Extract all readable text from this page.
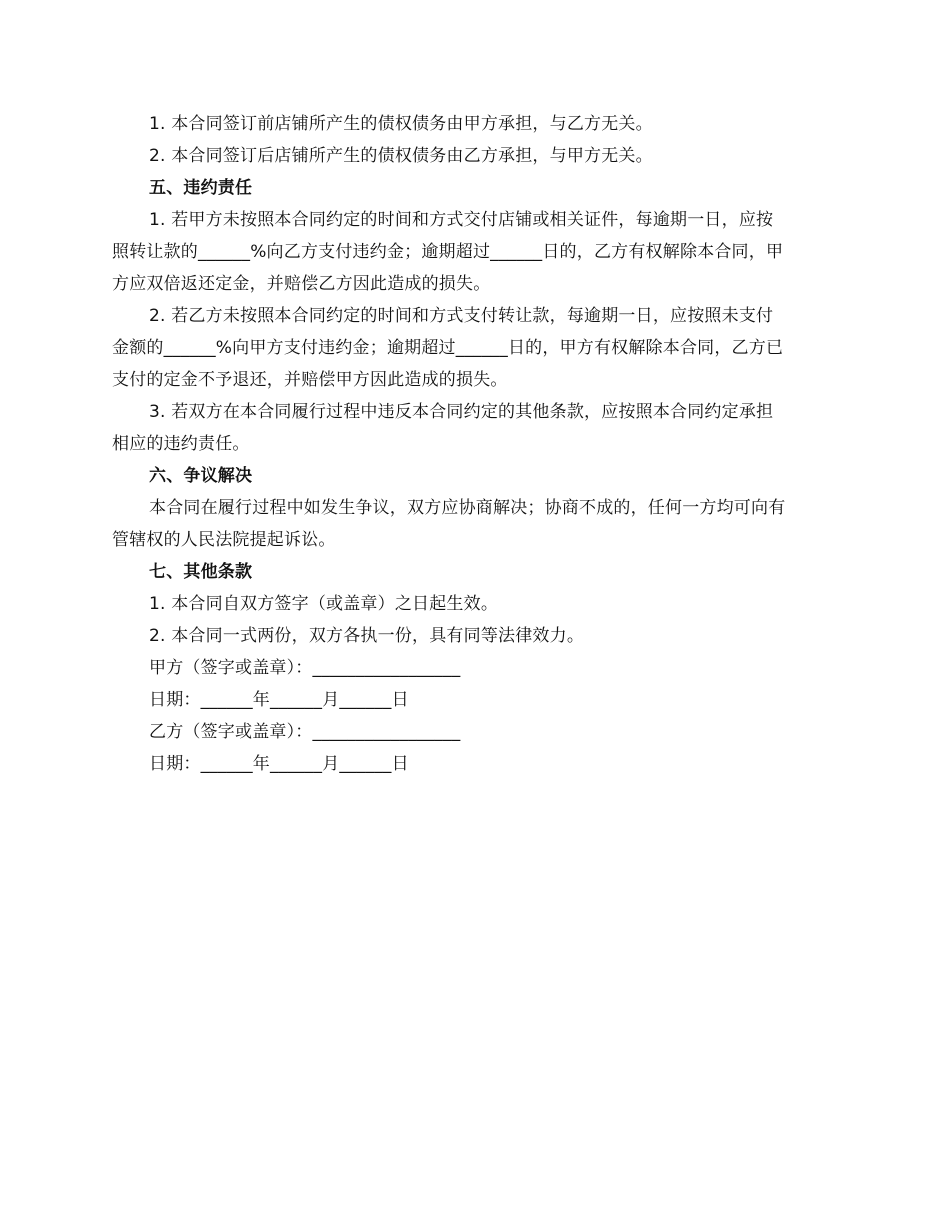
1. 本合同签订前店铺所产生的债权债务由甲方承担，与乙方无关。

2. 本合同签订后店铺所产生的债权债务由乙方承担，与甲方无关。

五、违约责任

1. 若甲方未按照本合同约定的时间和方式交付店铺或相关证件，每逾期一日，应按

照转让款的______%向乙方支付违约金；逾期超过______日的，乙方有权解除本合同，甲

方应双倍返还定金，并赔偿乙方因此造成的损失。

2. 若乙方未按照本合同约定的时间和方式支付转让款，每逾期一日，应按照未支付

金额的______%向甲方支付违约金；逾期超过______日的，甲方有权解除本合同，乙方已

支付的定金不予退还，并赔偿甲方因此造成的损失。

3. 若双方在本合同履行过程中违反本合同约定的其他条款，应按照本合同约定承担

相应的违约责任。

六、争议解决

本合同在履行过程中如发生争议，双方应协商解决；协商不成的，任何一方均可向有

管辖权的人民法院提起诉讼。

七、其他条款

1. 本合同自双方签字（或盖章）之日起生效。

2. 本合同一式两份，双方各执一份，具有同等法律效力。

甲方（签字或盖章）：_________________

日期：______年______月______日

乙方（签字或盖章）：_________________

日期：______年______月______日
